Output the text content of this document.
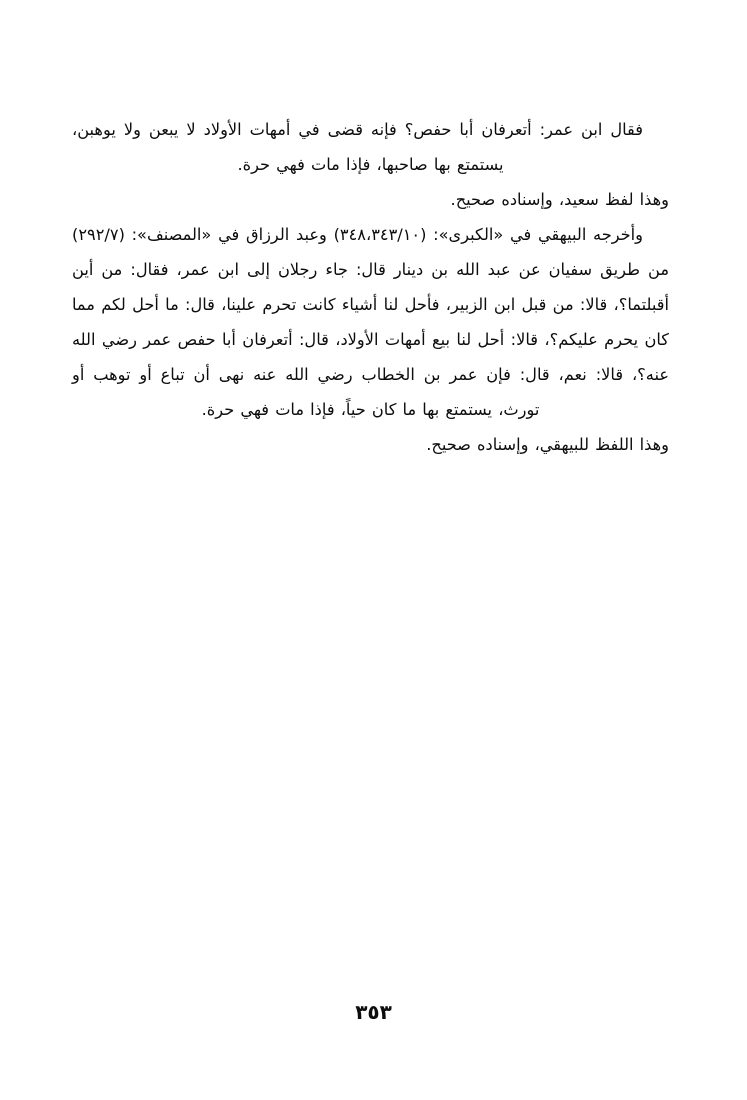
فقال ابن عمر: أتعرفان أبا حفص؟ فإنه قضى في أمهات الأولاد لا يبعن ولا يوهبن، يستمتع بها صاحبها، فإذا مات فهي حرة.

وهذا لفظ سعيد، وإسناده صحيح.

وأخرجه البيهقي في «الكبرى»: (٣٤٨،٣٤٣/١٠) وعبد الرزاق في «المصنف»: (٢٩٢/٧) من طريق سفيان عن عبد الله بن دينار قال: جاء رجلان إلى ابن عمر، فقال: من أين أقبلتما؟، قالا: من قبل ابن الزبير، فأحل لنا أشياء كانت تحرم علينا، قال: ما أحل لكم مما كان يحرم عليكم؟، قالا: أحل لنا بيع أمهات الأولاد، قال: أتعرفان أبا حفص عمر رضي الله عنه؟، قالا: نعم، قال: فإن عمر بن الخطاب رضي الله عنه نهى أن تباع أو توهب أو تورث، يستمتع بها ما كان حياً، فإذا مات فهي حرة.

وهذا اللفظ للبيهقي، وإسناده صحيح.

٣٥٣
